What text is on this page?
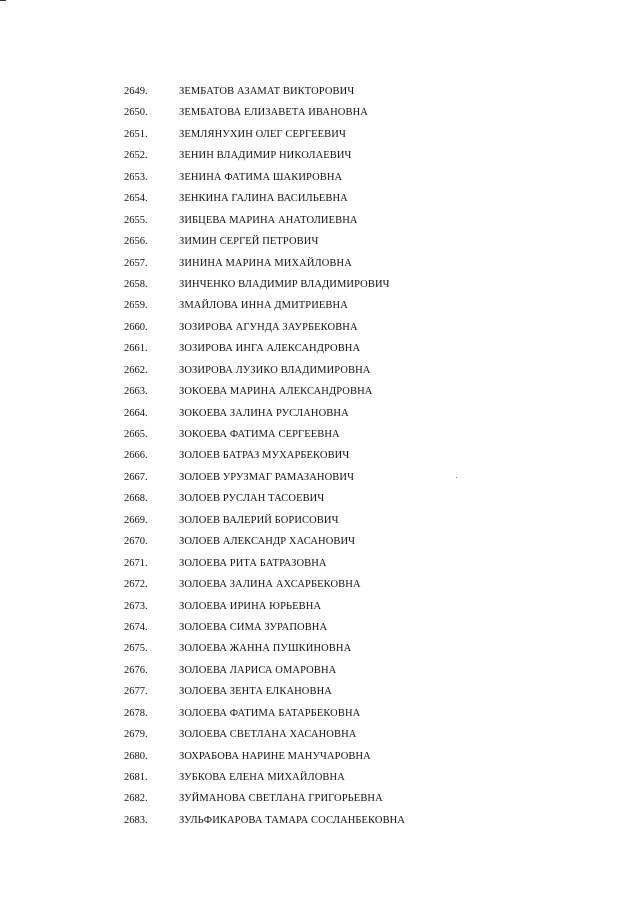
2649.	ЗЕМБАТОВ АЗАМАТ ВИКТОРОВИЧ
2650.	ЗЕМБАТОВА ЕЛИЗАВЕТА ИВАНОВНА
2651.	ЗЕМЛЯНУХИН ОЛЕГ СЕРГЕЕВИЧ
2652.	ЗЕНИН ВЛАДИМИР НИКОЛАЕВИЧ
2653.	ЗЕНИНА ФАТИМА ШАКИРОВНА
2654.	ЗЕНКИНА ГАЛИНА ВАСИЛЬЕВНА
2655.	ЗИБЦЕВА МАРИНА АНАТОЛИЕВНА
2656.	ЗИМИН СЕРГЕЙ ПЕТРОВИЧ
2657.	ЗИНИНА МАРИНА МИХАЙЛОВНА
2658.	ЗИНЧЕНКО ВЛАДИМИР ВЛАДИМИРОВИЧ
2659.	ЗМАЙЛОВА ИННА ДМИТРИЕВНА
2660.	ЗОЗИРОВА АГУНДА ЗАУРБЕКОВНА
2661.	ЗОЗИРОВА ИНГА АЛЕКСАНДРОВНА
2662.	ЗОЗИРОВА ЛУЗИКО ВЛАДИМИРОВНА
2663.	ЗОКОЕВА МАРИНА АЛЕКСАНДРОВНА
2664.	ЗОКОЕВА ЗАЛИНА РУСЛАНОВНА
2665.	ЗОКОЕВА ФАТИМА СЕРГЕЕВНА
2666.	ЗОЛОЕВ БАТРАЗ МУХАРБЕКОВИЧ
2667.	ЗОЛОЕВ УРУЗМАГ РАМАЗАНОВИЧ
2668.	ЗОЛОЕВ РУСЛАН ТАСОЕВИЧ
2669.	ЗОЛОЕВ ВАЛЕРИЙ БОРИСОВИЧ
2670.	ЗОЛОЕВ АЛЕКСАНДР ХАСАНОВИЧ
2671.	ЗОЛОЕВА РИТА БАТРАЗОВНА
2672.	ЗОЛОЕВА ЗАЛИНА АХСАРБЕКОВНА
2673.	ЗОЛОЕВА ИРИНА ЮРЬЕВНА
2674.	ЗОЛОЕВА СИМА ЗУРАПОВНА
2675.	ЗОЛОЕВА ЖАННА ПУШКИНОВНА
2676.	ЗОЛОЕВА ЛАРИСА ОМАРОВНА
2677.	ЗОЛОЕВА ЗЕНТА ЕЛКАНОВНА
2678.	ЗОЛОЕВА ФАТИМА БАТАРБЕКОВНА
2679.	ЗОЛОЕВА СВЕТЛАНА ХАСАНОВНА
2680.	ЗОХРАБОВА НАРИНЕ МАНУЧАРОВНА
2681.	ЗУБКОВА ЕЛЕНА МИХАЙЛОВНА
2682.	ЗУЙМАНОВА СВЕТЛАНА ГРИГОРЬЕВНА
2683.	ЗУЛЬФИКАРОВА ТАМАРА СОСЛАНБЕКОВНА
